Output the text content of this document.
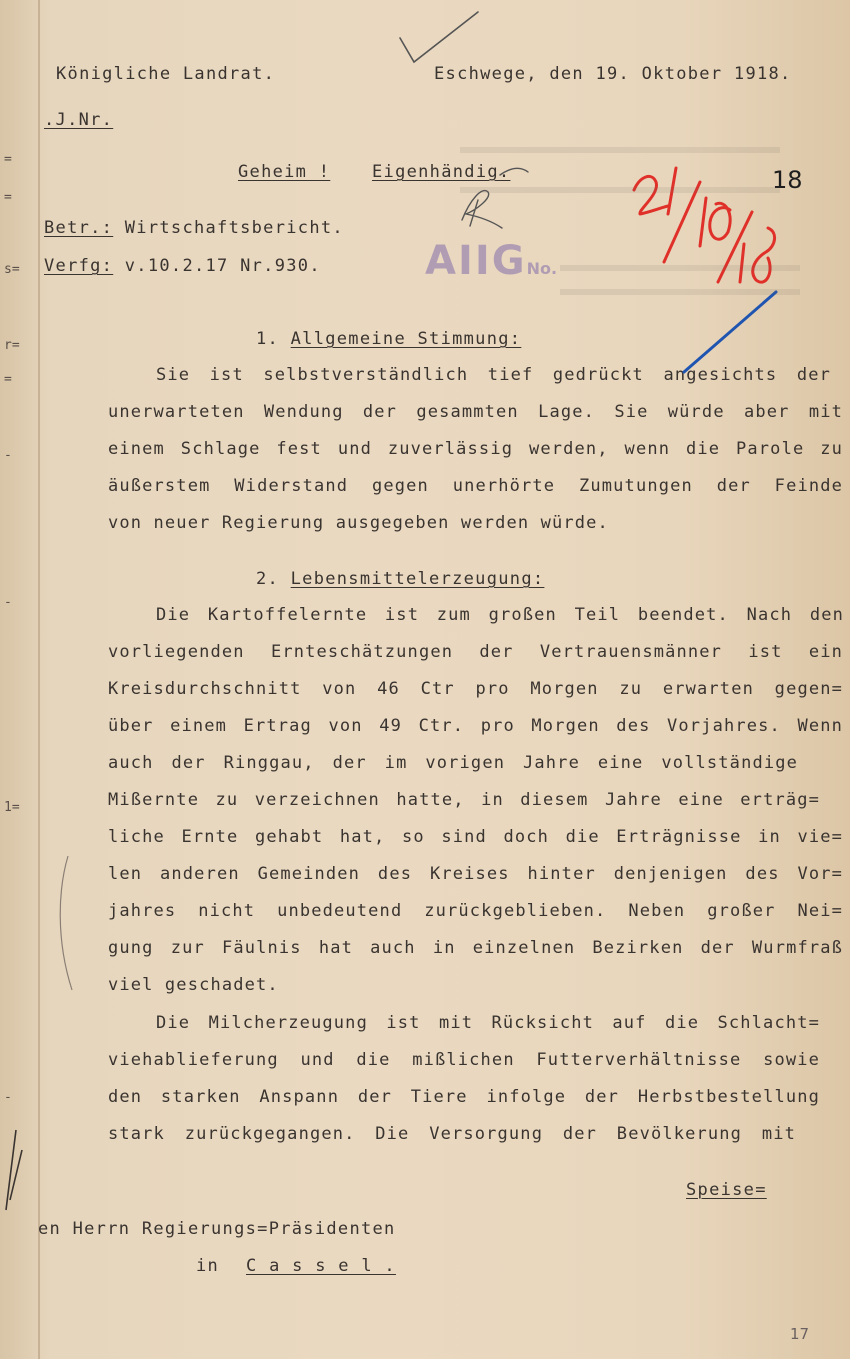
=
=
s=
r=
=
-
-
1=
-
Königliche Landrat.	Eschwege, den 19. Oktober 1918.
.J.Nr.
Geheim ! Eigenhändig.	18
Betr.: Wirtschaftsbericht.
Verfg: v.10.2.17 Nr.930.	AIIGNo.
1. Allgemeine Stimmung:
Sie ist selbstverständlich tief gedrückt angesichts der
unerwarteten Wendung der gesammten Lage. Sie würde aber mit
einem Schlage fest und zuverlässig werden, wenn die Parole zu
äußerstem Widerstand gegen unerhörte Zumutungen der Feinde
von neuer Regierung ausgegeben werden würde.
2. Lebensmittelerzeugung:
Die Kartoffelernte ist zum großen Teil beendet. Nach den
vorliegenden Ernteschätzungen der Vertrauensmänner ist ein
Kreisdurchschnitt von 46 Ctr pro Morgen zu erwarten gegen=
über einem Ertrag von 49 Ctr. pro Morgen des Vorjahres. Wenn
auch der Ringgau, der im vorigen Jahre eine vollständige
Mißernte zu verzeichnen hatte, in diesem Jahre eine erträg=
liche Ernte gehabt hat, so sind doch die Erträgnisse in vie=
len anderen Gemeinden des Kreises hinter denjenigen des Vor=
jahres nicht unbedeutend zurückgeblieben. Neben großer Nei=
gung zur Fäulnis hat auch in einzelnen Bezirken der Wurmfraß
viel geschadet.
Die Milcherzeugung ist mit Rücksicht auf die Schlacht=
viehablieferung und die mißlichen Futterverhältnisse sowie
den starken Anspann der Tiere infolge der Herbstbestellung
stark zurückgegangen. Die Versorgung der Bevölkerung mit
Speise=
en Herrn Regierungs=Präsidenten
in C a s s e l .
17
